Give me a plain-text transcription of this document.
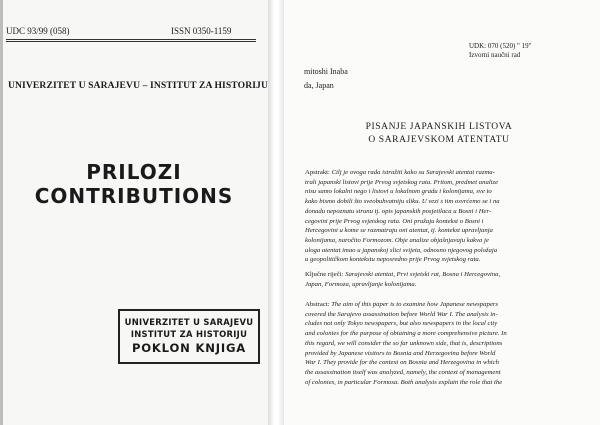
UDC 93/99 (058)	ISSN 0350-1159
UNIVERZITET U SARAJEVU – INSTITUT ZA HISTORIJU
PRILOZI
CONTRIBUTIONS
UNIVERZITET U SARAJEVU
INSTITUT ZA HISTORIJU
POKLON KNJIGA
UDK: 070 (520) " 19"
Izvorni naučni rad
mitoshi Inaba
da, Japan
PISANJE JAPANSKIH LISTOVA
O SARAJEVSKOM ATENTATU
Apstrakt: Cilj je ovoga rada istražiti kako su Sarajevski atentat razma-
trali japanski listovi prije Prvog svjetskog rata. Pritom, predmet analize
nisu samo lokalni nego i listovi u lokalnom gradu i kolonijama, sve to
kako bismo dobili što sveobuhvatniju sliku. U vezi s tim osvrćemo se i na
donadu nepoznatu strunu tj. opis japanskih posjetilaca u Bosni i Her-
cegovini prije Prvog svjetskog rata. Oni pružaju kontekst o Bosni i
Hercegovini u kome se razmatraju oni atentat, tj. kontekst upravljanja
kolonijama, naročito Formozom. Obje analize objašnjavaju kakva je
uloga atentat imao u japanskoj slici svijeta, odnosno njegovog položaja
u geopolitičkom kontekstu neposredno prije Prvog svjetskog rata.
Ključne riječi: Sarajevski atentat, Prvi svjetski rat, Bosna i Hercegovina,
Japan, Formoza, upravljanje kolonijama.
Abstract: The aim of this paper is to examine how Japanese newspapers
covered the Sarajevo assassination before World War I. The analysis in-
cludes not only Tokyo newspapers, but also newspapers in the local city
and colonies for the purpose of obtaining a more comprehensive picture. In
this regard, we will consider the so far unknown side, that is, descriptions
provided by Japanese visitors to Bosnia and Herzegovina before World
War I. They provide for the context on Bosnia and Herzegovina in which
the assassination itself was analyzed, namely, the context of management
of colonies, in particular Formosa. Both analysis explain the role that the
